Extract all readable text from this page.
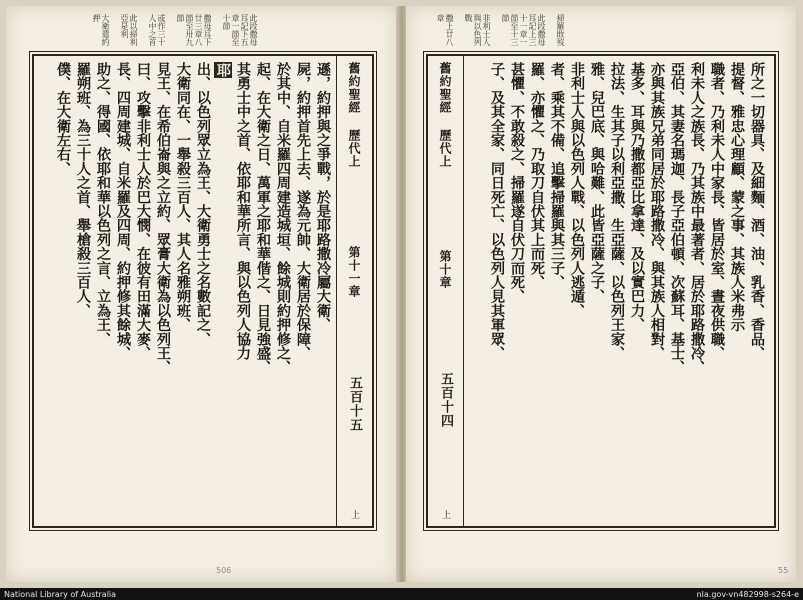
此段撒母耳記下五章一節至十節
撒母耳下廿三章八節至卅九節
或作三十人中之首
此以掃利亞是利
大衛遣約押
舊約聖經 歷代上
第十一章
五百十五
上
遜，約押與之爭戰，於是耶路撒冷屬大衛、
屍，約押首先上去、遂為元帥、大衛居於保障、
於其中、自米羅四周建造城垣、餘城則約押修之、
起、在大衛之日、萬軍之耶和華偕之、日見強盛、
其勇士中之首、依耶和華所言、與以色列人協力
耶
出、以色列眾立為王、大衛勇士之名數記之、
大衛同在、一舉殺三百人、其人名雅朔班、
見王、在希伯崙與之立約、眾膏大衛為以色列王、
曰、攻擊非利士人於巴大憫、在彼有田滿大麥、
長、四周建城、自米羅及四周、約押修其餘城、
助之、得國、依耶和華以色列之言、立為王、
羅朔班、為三十人之首、舉槍殺三百人、
僕、在大衛左右、
506
掃羅敗歿
此段撒母耳記上三十一章一節至十三節
非利士人與以色列戰
撒上廿八章
舊約聖經 歷代上
第十章
五百十四
上
所之一切器具、及細麵、酒、油、乳香、香品、
提督、雅忠心理顧、蒙之事、其族人米弗示
職者、乃利未人中家長、皆居於室、晝夜供職、
利未人之族長、乃其族中最著者、居於耶路撒冷、
亞伯、其妻名瑪迦、長子亞伯頓、次蘇耳、基士、
亦與其族兄弟同居於耶路撒冷、與其族人相對、
基多、耳與乃撒都亞比拿達、及以實巴力、
拉法、生其子以利亞撒、生亞薩、以色列王家、
雅、兒巴底、與哈難、此皆亞薩之子、
非利士人與以色列人戰、以色列人逃遁、
者、乘其不備、追擊掃羅與其三子、
羅、亦懼之、乃取刀自伏其上而死、
甚懼、不敢殺之、掃羅遂自伏刀而死、
子、及其全家、同日死亡、以色列人見其軍眾、
55
National Library of Australia	nla.gov-vn482998-s264-e
